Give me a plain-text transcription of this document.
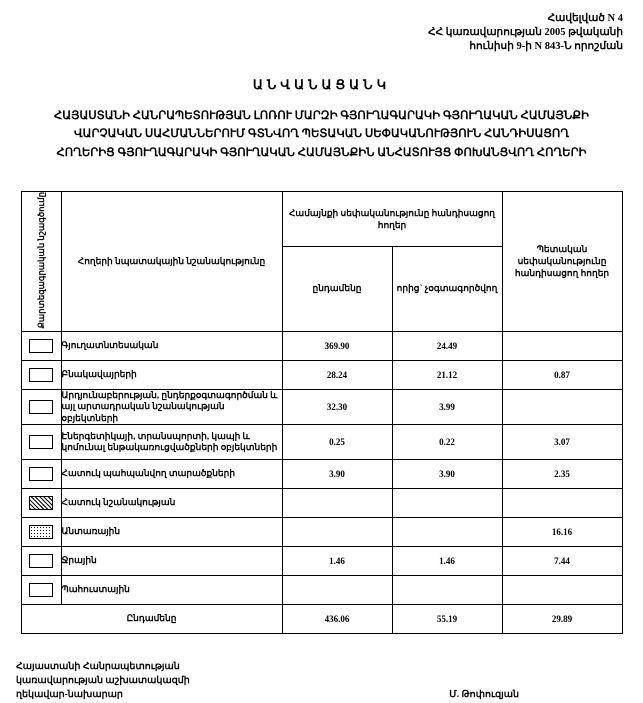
Հավելված N 4
ՀՀ կառավարության 2005 թվականի
հունիսի 9-ի N 843-Ն որոշման
ԱՆՎԱՆԱՑԱՆԿ
ՀԱՅԱՍՏԱՆԻ ՀԱՆՐԱՊԵՏՈՒԹՅԱՆ ԼՈՌՈՒ ՄԱՐԶԻ ԳՅՈՒՂԱԳԱՐԱԿԻ ԳՅՈՒՂԱԿԱՆ ՀԱՄԱՅՆՔԻ
ՎԱՐՉԱԿԱՆ ՍԱՀՄԱՆՆԵՐՈՒՄ ԳՏՆՎՈՂ ՊԵՏԱԿԱՆ ՍԵՓԱԿԱՆՈՒԹՅՈՒՆ ՀԱՆԴԻՍԱՑՈՂ
ՀՈՂԵՐԻՑ ԳՅՈՒՂԱԳԱՐԱԿԻ ԳՅՈՒՂԱԿԱՆ ՀԱՄԱՅՆՔԻՆ ԱՆՀԱՏՈՒՅՑ ՓՈԽԱՆՑՎՈՂ ՀՈՂԵՐԻ
Քարտեզագրական նշագծումը	Հողերի նպատակային նշանակությունը	Համայնքի սեփականությունը հանդիսացող հողեր		Պետական սեփականությունը հանդիսացող հողեր
		ընդամենը	որից` չօգտագործվող	
	Գյուղատնտեսական	369.90	24.49	
	Բնակավայրերի	28.24	21.12	0.87
	Արդյունաբերության, ընդերքօգտագործման և այլ արտադրական նշանակության օբյեկտների	32.30	3.99	
	Էներգետիկայի, տրանսպորտի, կապի և կոմունալ ենթակառուցվածքների օբյեկտների	0.25	0.22	3.07
	Հատուկ պահպանվող տարածքների	3.90	3.90	2.35
	Հատուկ նշանակության			
	Անտառային			16.16
	Ջրային	1.46	1.46	7.44
	Պահուստային			
Ընդամենը		436.06	55.19	29.89
Հայաստանի Հանրապետության
կառավարության աշխատակազմի
ղեկավար-նախարար	Մ. Թոփուզյան
